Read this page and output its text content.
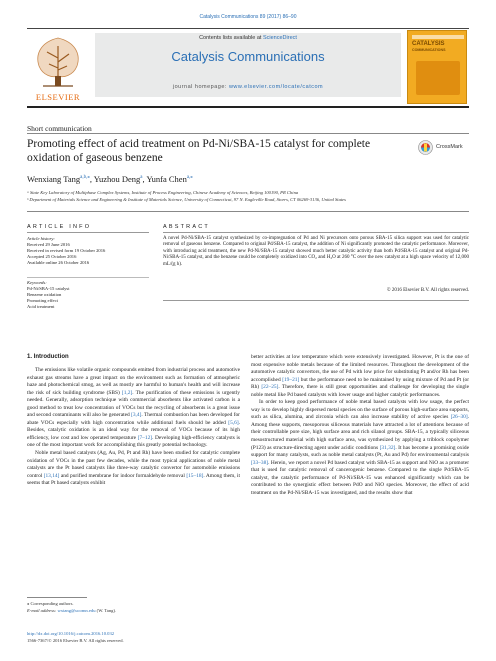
Catalysis Communications 89 (2017) 86–90
ELSEVIER
Contents lists available at ScienceDirect
Catalysis Communications
journal homepage: www.elsevier.com/locate/catcom
CATALYSIS
COMMUNICATIONS
Short communication
Promoting effect of acid treatment on Pd-Ni/SBA-15 catalyst for complete oxidation of gaseous benzene
CrossMark
Wenxiang Tang$^{a,b,⁎}$, Yuzhou Deng$^a$, Yunfa Chen$^{a,⁎}$
ᵃ State Key Laboratory of Multiphase Complex Systems, Institute of Process Engineering, Chinese Academy of Sciences, Beijing 100190, PR China
ᵇ Department of Materials Science and Engineering & Institute of Materials Science, University of Connecticut, 97 N. Eagleville Road, Storrs, CT 06269-3136, United States
ARTICLE INFO	ABSTRACT
Article history:
Received 29 June 2016
Received in revised form 19 October 2016
Accepted 25 October 2016
Available online 26 October 2016
Keywords:
Pd-Ni/SBA-15 catalyst
Benzene oxidation
Promoting effect
Acid treatment
A novel Pd-Ni/SBA-15 catalyst synthesized by co-impregnation of Pd and Ni precursors onto porous SBA-15 silica support was used for catalytic removal of gaseous benzene. Compared to original Pd/SBA-15 catalyst, the addition of Ni significantly promoted the catalytic performance. Moreover, with introducing acid treatment, the new Pd-Ni/SBA-15 catalyst showed much better catalytic activity than both Pd/SBA-15 catalyst and original Pd-Ni/SBA-15 catalyst, and the benzene could be completely oxidized into CO₂ and H₂O at 260 °C over the new catalyst at a high space velocity of 12,000 mL/(g h).
© 2016 Elsevier B.V. All rights reserved.
1. Introduction

The emissions like volatile organic compounds emitted from industrial process and automotive exhaust gas streams have a great impact on the environment such as formation of atmospheric haze and photochemical smog, as well as mostly are harmful to human's health and will increase the risk of sick building syndrome (SBS) [1,2]. The purification of these emissions is urgently needed. Generally, adsorption technique with commercial absorbents like activated carbon is a good method to treat low concentration of VOCs but the recycling of absorbents is a great issue and second contaminants will also be generated [3,4]. Thermal combustion has been developed for abate VOCs especially with high concentration while additional fuels should be added [5,6]. Besides, catalytic oxidation is an ideal way for the removal of VOCs because of its high efficiency, low cost and low operated temperature [7–12]. Developing high-efficiency catalysts is one of the most important work for accomplishing this greatly potential technology.

Noble metal based catalysts (Ag, Au, Pd, Pt and Rh) have been studied for catalytic complete oxidation of VOCs in the past few decades, while the most typical applications of noble metal catalysts are the Pt based catalysts like three-way catalytic convertor for automobile emissions control [13,14] and purified membrane for indoor formaldehyde removal [15–18]. Among them, it seems that Pt based catalysts exhibit

better activities at low temperature which were extensively investigated. However, Pt is the one of most expensive noble metals because of the limited resources. Throughout the development of the automotive catalytic convertors, the use of Pd with low price for substituting Pt and/or Rh has been accomplished [19–21] but the performance need to be maintained by using mixture of Pd and Pt (or Rh) [22–25]. Therefore, there is still great opportunities and challenge for developing the single noble metal like Pd based catalysts with lower usage and higher catalytic performances.

In order to keep good performance of noble metal based catalysts with low usage, the perfect way is to develop highly dispersed metal species on the surface of porous high-surface area supports, such as silica, alumina, and zirconia which can also increase stability of active species [26–30]. Among these supports, mesoporous siliceous materials have attracted a lot of attentions because of their controllable pore size, high surface area and rich silanol groups. SBA-15, a typically siliceous mesostructured material with high surface area, was synthesized by applying a triblock copolymer (P123) as structure-directing agent under acidic conditions [31,32]. It has become a promising oxide support for many catalysts, such as noble metal catalysts (Pt, Au and Pd) for environmental catalysis [33–38]. Herein, we report a novel Pd based catalyst with SBA-15 as support and NiO as a promoter that is used for catalytic removal of cancerogenic benzene. Compared to the single Pd/SBA-15 catalyst, the catalytic performance of Pd-Ni/SBA-15 was enhanced significantly which can be contributed to the synergistic effect between PdO and NiO species. Moreover, the effect of acid treatment on the Pd-Ni/SBA-15 was investigated, and the results show that

⁎ Corresponding authors.
E-mail address: wxtang@ucomn.edu (W. Tang).
http://dx.doi.org/10.1016/j.catcom.2016.10.032
1566-7367/© 2016 Elsevier B.V. All rights reserved.
